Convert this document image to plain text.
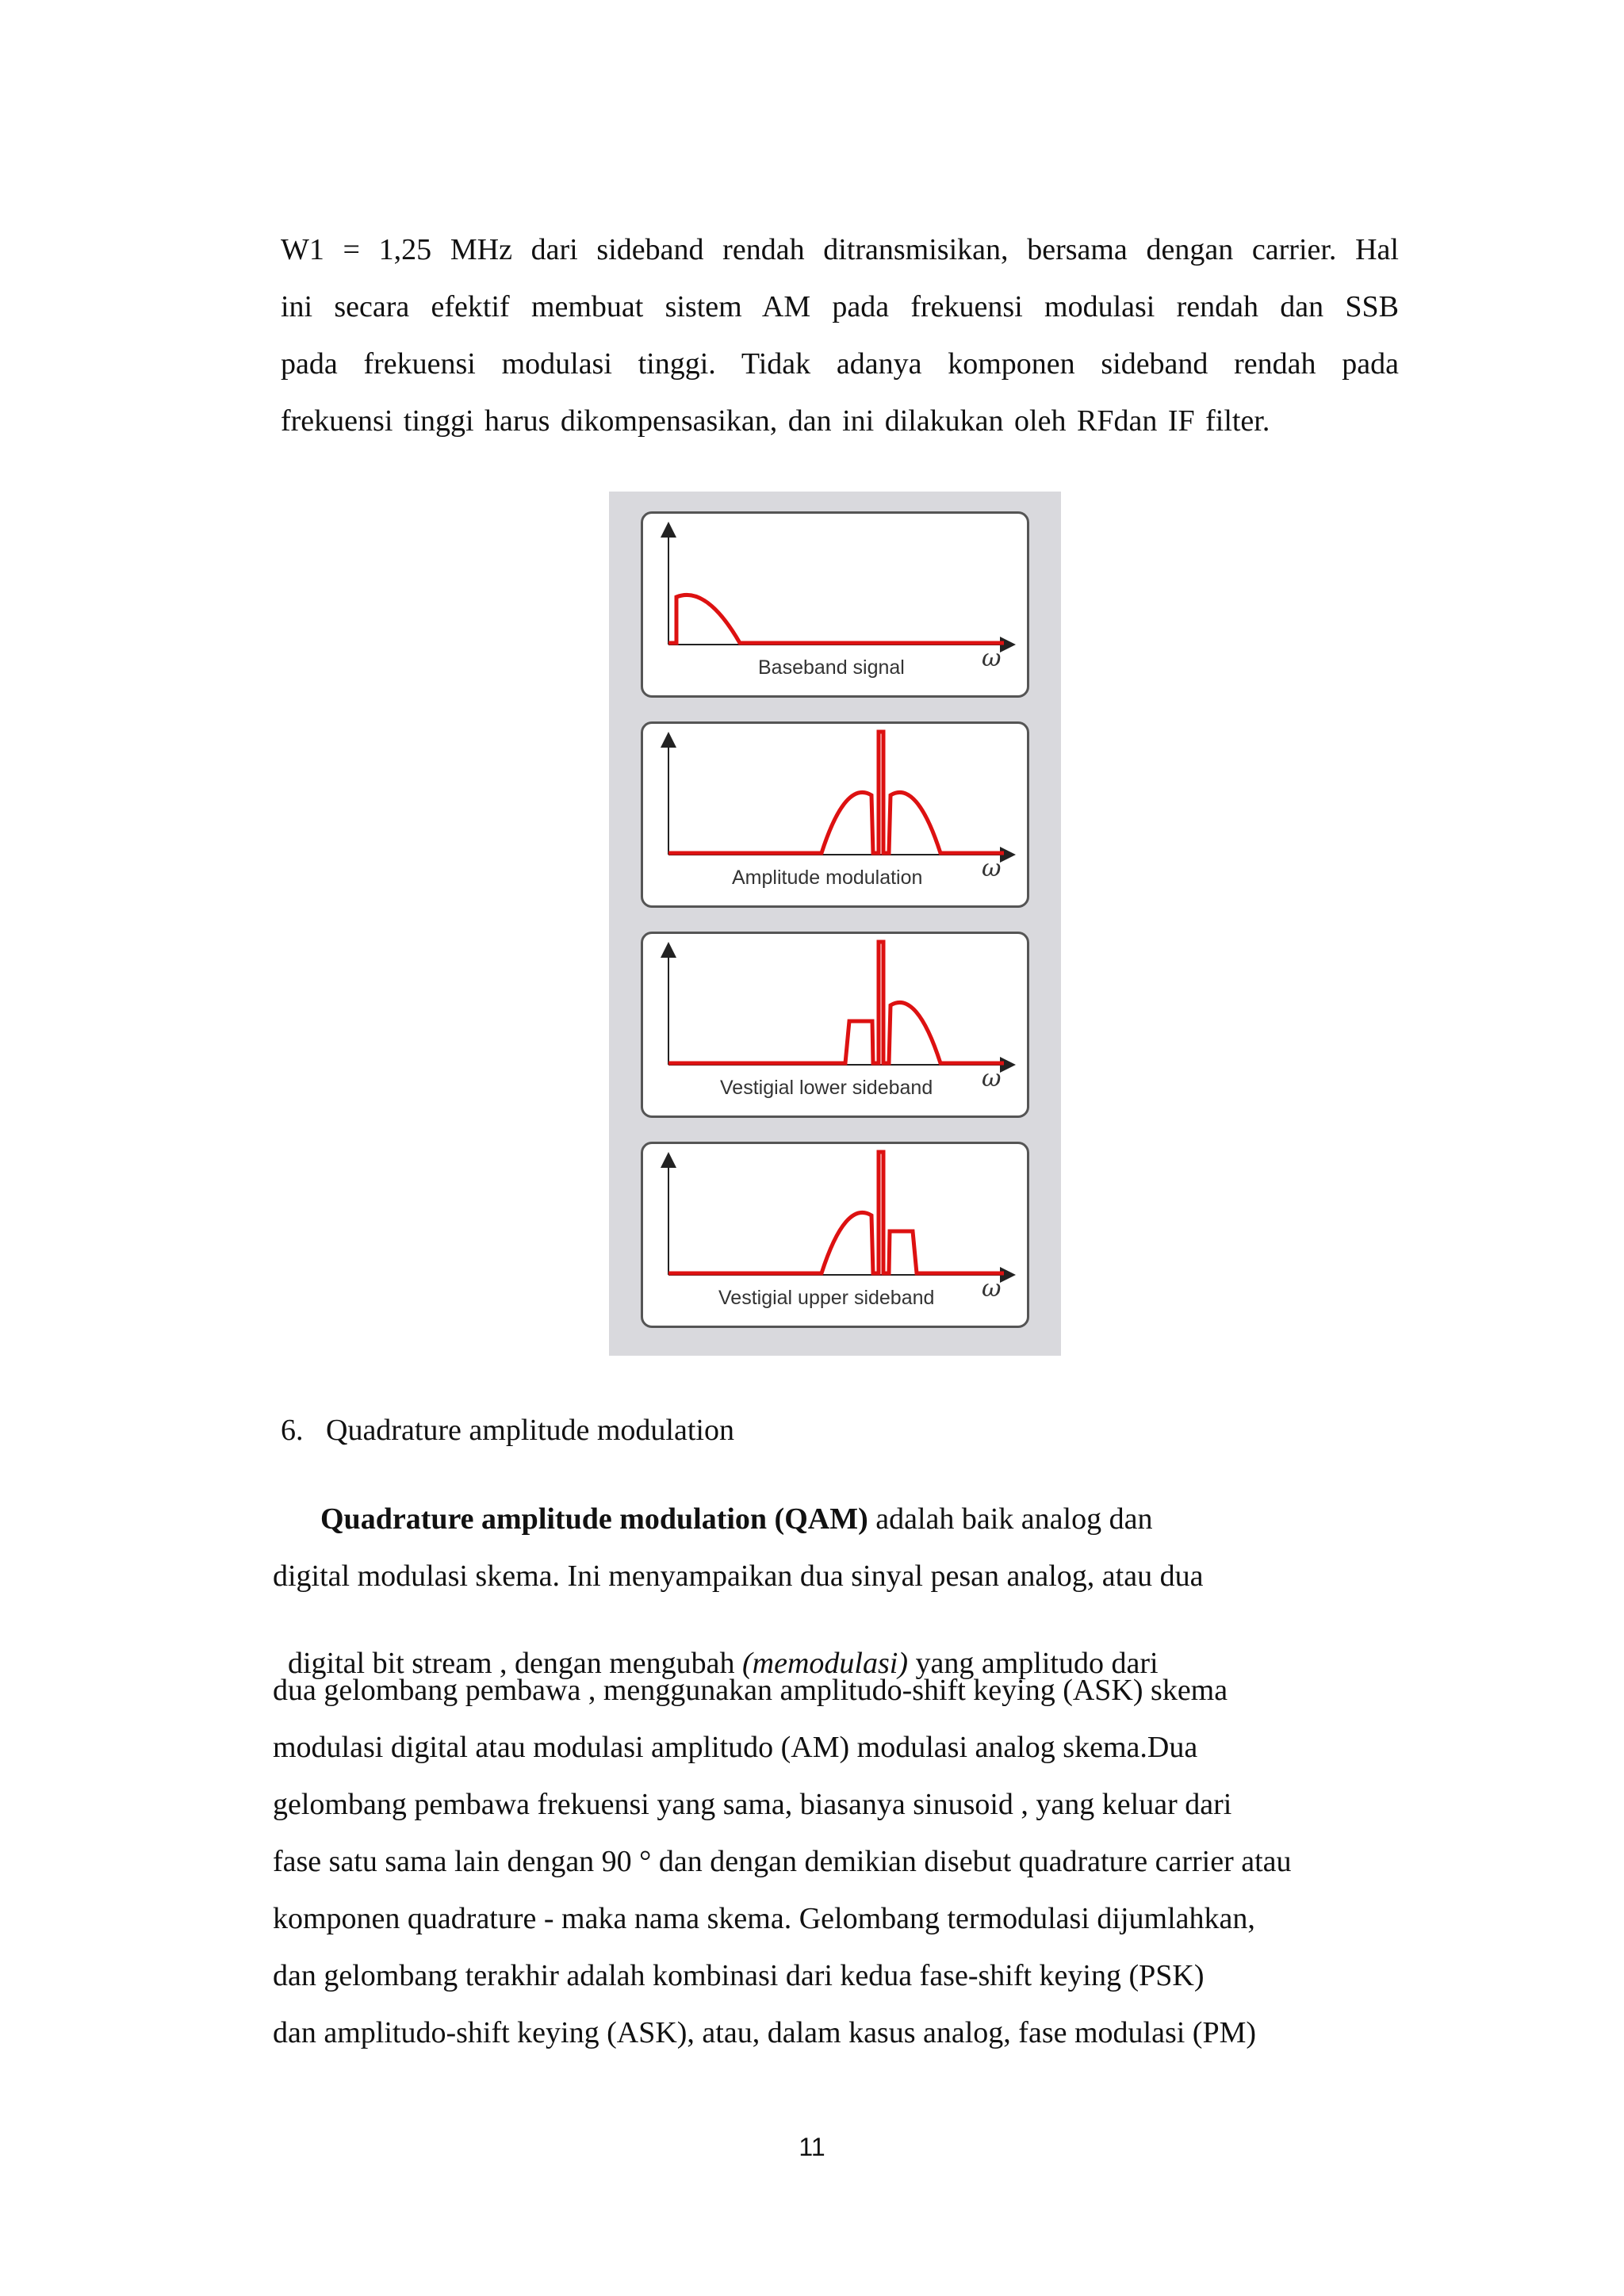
W1 = 1,25 MHz dari sideband rendah ditransmisikan, bersama dengan carrier. Hal
ini secara efektif membuat sistem AM pada frekuensi modulasi rendah dan SSB
pada frekuensi modulasi tinggi. Tidak adanya komponen sideband rendah pada
frekuensi tinggi harus dikompensasikan, dan ini dilakukan oleh RFdan IF filter.
Baseband signal	ω
Amplitude modulation ω
Vestigial lower sideband ω
Vestigial upper sideband ω
6.   Quadrature amplitude modulation
Quadrature amplitude modulation (QAM) adalah baik analog dan
digital modulasi skema. Ini menyampaikan dua sinyal pesan analog, atau dua

digital bit stream , dengan mengubah (memodulasi) yang amplitudo dari

dua gelombang pembawa , menggunakan amplitudo-shift keying (ASK) skema
modulasi digital atau modulasi amplitudo (AM) modulasi analog skema.Dua
gelombang pembawa frekuensi yang sama, biasanya sinusoid , yang keluar dari
fase satu sama lain dengan 90 ° dan dengan demikian disebut quadrature carrier atau
komponen quadrature - maka nama skema. Gelombang termodulasi dijumlahkan,
dan gelombang terakhir adalah kombinasi dari kedua fase-shift keying (PSK)
dan amplitudo-shift keying (ASK), atau, dalam kasus analog, fase modulasi (PM)
11
